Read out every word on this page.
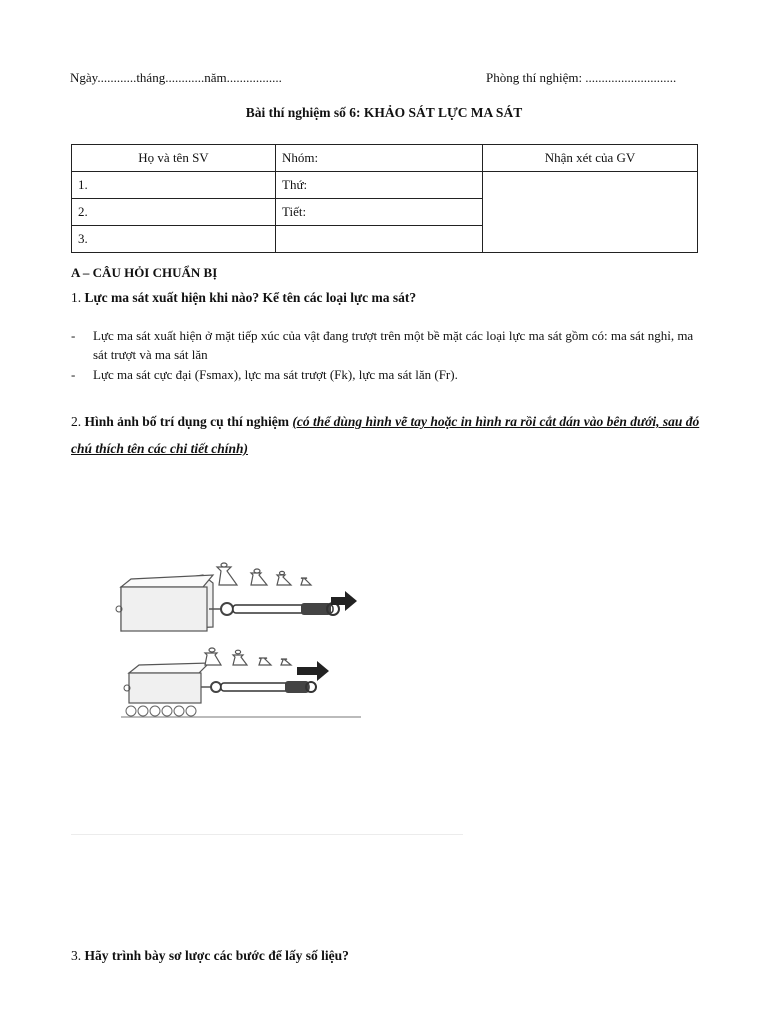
Ngày............tháng............năm.................	Phòng thí nghiệm: ............................
Bài thí nghiệm số 6: KHẢO SÁT LỰC MA SÁT
Họ và tên SV	Nhóm:	Nhận xét của GV
1.	Thứ:	
2.	Tiết:	
3.		
A – CÂU HỎI CHUẨN BỊ
1. Lực ma sát xuất hiện khi nào? Kể tên các loại lực ma sát?
- Lực ma sát xuất hiện ở mặt tiếp xúc của vật đang trượt trên một bề mặt các loại lực ma sát gồm có: ma sát nghỉ, ma sát trượt và ma sát lăn
- Lực ma sát cực đại (Fsmax), lực ma sát trượt (Fk), lực ma sát lăn (Fr).
2. Hình ảnh bố trí dụng cụ thí nghiệm (có thể dùng hình vẽ tay hoặc in hình ra rồi cắt dán vào bên dưới, sau đó chú thích tên các chi tiết chính)
3. Hãy trình bày sơ lược các bước để lấy số liệu?
